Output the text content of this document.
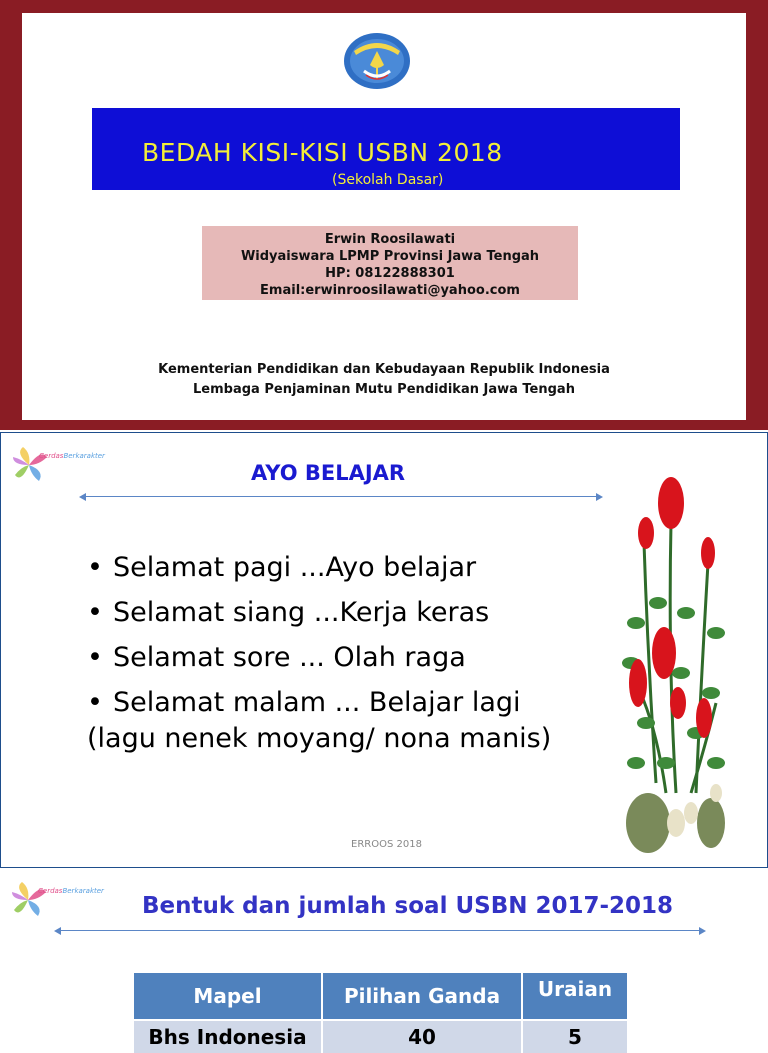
BEDAH KISI-KISI USBN 2018
(Sekolah Dasar)
Erwin Roosilawati
Widyaiswara LPMP Provinsi Jawa Tengah
HP: 08122888301
Email:erwinroosilawati@yahoo.com
Kementerian Pendidikan dan Kebudayaan Republik Indonesia
Lembaga Penjaminan Mutu Pendidikan Jawa Tengah
CerdasBerkarakter
AYO BELAJAR
• Selamat pagi ...Ayo belajar
• Selamat siang ...Kerja keras
• Selamat sore ... Olah raga
• Selamat malam ... Belajar lagi
(lagu nenek moyang/ nona manis)
ERROOS 2018
CerdasBerkarakter
Bentuk dan jumlah soal USBN 2017-2018
Mapel	Pilihan Ganda	Uraian
Bhs Indonesia	40	5
